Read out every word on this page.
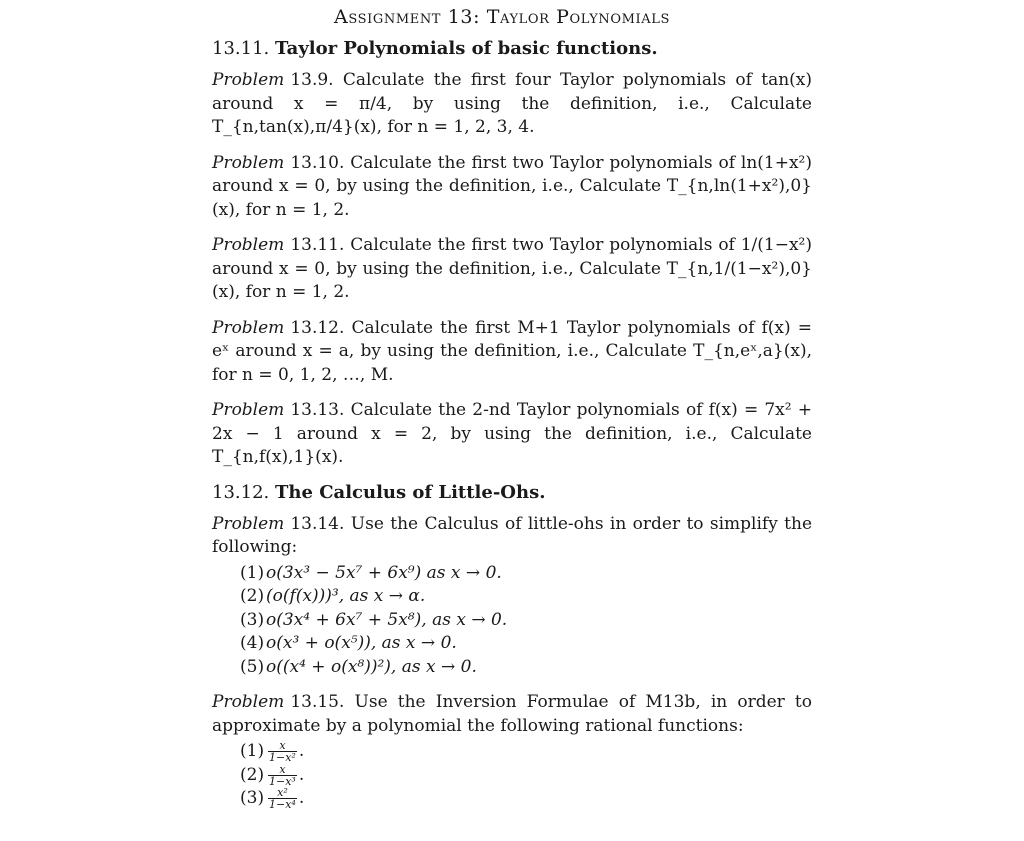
Assignment 13: Taylor Polynomials
13.11. Taylor Polynomials of basic functions.
Problem 13.9. Calculate the first four Taylor polynomials of tan(x) around x = π/4, by using the definition, i.e., Calculate T_{n,tan(x),π/4}(x), for n = 1, 2, 3, 4.
Problem 13.10. Calculate the first two Taylor polynomials of ln(1+x²) around x = 0, by using the definition, i.e., Calculate T_{n,ln(1+x²),0}(x), for n = 1, 2.
Problem 13.11. Calculate the first two Taylor polynomials of 1/(1−x²) around x = 0, by using the definition, i.e., Calculate T_{n,1/(1−x²),0}(x), for n = 1, 2.
Problem 13.12. Calculate the first M+1 Taylor polynomials of f(x) = eˣ around x = a, by using the definition, i.e., Calculate T_{n,eˣ,a}(x), for n = 0, 1, 2, …, M.
Problem 13.13. Calculate the 2-nd Taylor polynomials of f(x) = 7x² + 2x − 1 around x = 2, by using the definition, i.e., Calculate T_{n,f(x),1}(x).
13.12. The Calculus of Little-Ohs.
Problem 13.14. Use the Calculus of little-ohs in order to simplify the following:
(1) o(3x³ − 5x⁷ + 6x⁹) as x → 0.
(2) (o(f(x)))³, as x → α.
(3) o(3x⁴ + 6x⁷ + 5x⁸), as x → 0.
(4) o(x³ + o(x⁵)), as x → 0.
(5) o((x⁴ + o(x⁸))²), as x → 0.
Problem 13.15. Use the Inversion Formulae of M13b, in order to approximate by a polynomial the following rational functions:
$(1) \frac{x}{\text{1−x²}}$ .
$(2) \frac{x}{\text{1−x³}}$ .
$(3) \frac{\text{x²}}{\text{1−x⁴}}$ .
